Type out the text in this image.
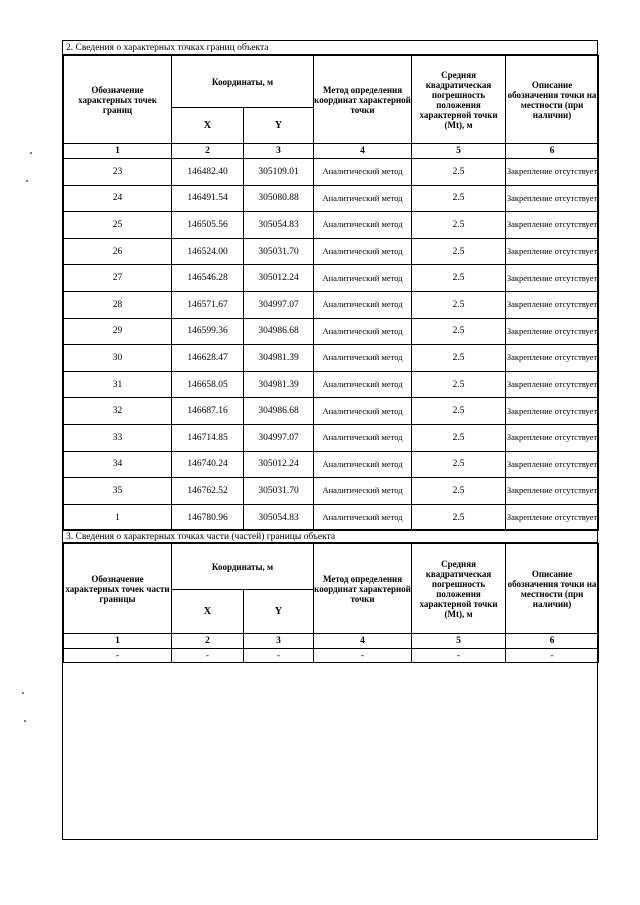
2. Сведения о характерных точках границ объекта
Обозначение характерных точек границ	Координаты, м		Метод определения координат характерной точки	Средняя квадратическая погрешность положения характерной точки (Mt), м	Описание обозначения точки на местности (при наличии)
	X	Y			
1	2	3	4	5	6
23	146482.40	305109.01	Аналитический метод	2.5	Закрепление отсутствует
24	146491.54	305080.88	Аналитический метод	2.5	Закрепление отсутствует
25	146505.56	305054.83	Аналитический метод	2.5	Закрепление отсутствует
26	146524.00	305031.70	Аналитический метод	2.5	Закрепление отсутствует
27	146546.28	305012.24	Аналитический метод	2.5	Закрепление отсутствует
28	146571.67	304997.07	Аналитический метод	2.5	Закрепление отсутствует
29	146599.36	304986.68	Аналитический метод	2.5	Закрепление отсутствует
30	146628.47	304981.39	Аналитический метод	2.5	Закрепление отсутствует
31	146658.05	304981.39	Аналитический метод	2.5	Закрепление отсутствует
32	146687.16	304986.68	Аналитический метод	2.5	Закрепление отсутствует
33	146714.85	304997.07	Аналитический метод	2.5	Закрепление отсутствует
34	146740.24	305012.24	Аналитический метод	2.5	Закрепление отсутствует
35	146762.52	305031.70	Аналитический метод	2.5	Закрепление отсутствует
1	146780.96	305054.83	Аналитический метод	2.5	Закрепление отсутствует
3. Сведения о характерных точках части (частей) границы объекта
Обозначение характерных точек части границы	Координаты, м		Метод определения координат характерной точки	Средняя квадратическая погрешность положения характерной точки (Mt), м	Описание обозначения точки на местности (при наличии)
	X	Y			
1	2	3	4	5	6
-	-	-	-	-	-
